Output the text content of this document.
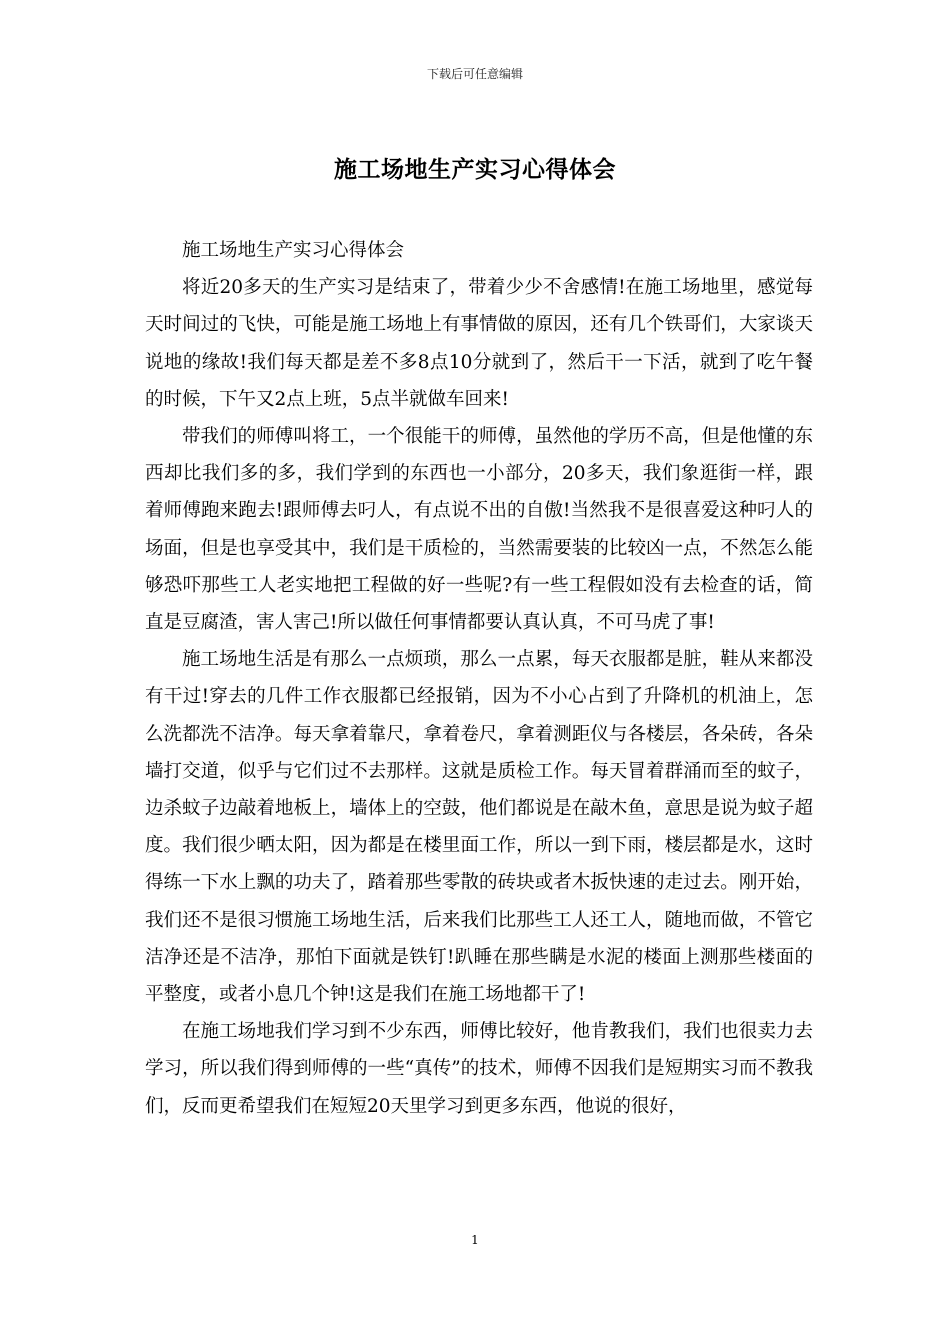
下载后可任意编辑
施工场地生产实习心得体会

施工场地生产实习心得体会

将近20多天的生产实习是结束了，带着少少不舍感情!在施工场地里，感觉每天时间过的飞快，可能是施工场地上有事情做的原因，还有几个铁哥们，大家谈天说地的缘故!我们每天都是差不多8点10分就到了，然后干一下活，就到了吃午餐的时候，下午又2点上班，5点半就做车回来!

带我们的师傅叫将工，一个很能干的师傅，虽然他的学历不高，但是他懂的东西却比我们多的多，我们学到的东西也一小部分，20多天，我们象逛街一样，跟着师傅跑来跑去!跟师傅去叼人，有点说不出的自傲!当然我不是很喜爱这种叼人的场面，但是也享受其中，我们是干质检的，当然需要装的比较凶一点，不然怎么能够恐吓那些工人老实地把工程做的好一些呢?有一些工程假如没有去检查的话，简直是豆腐渣，害人害己!所以做任何事情都要认真认真，不可马虎了事!

施工场地生活是有那么一点烦琐，那么一点累，每天衣服都是脏，鞋从来都没有干过!穿去的几件工作衣服都已经报销，因为不小心占到了升降机的机油上，怎么洗都洗不洁净。每天拿着靠尺，拿着卷尺，拿着测距仪与各楼层，各朵砖，各朵墙打交道，似乎与它们过不去那样。这就是质检工作。每天冒着群涌而至的蚊子，边杀蚊子边敲着地板上，墙体上的空鼓，他们都说是在敲木鱼，意思是说为蚊子超度。我们很少晒太阳，因为都是在楼里面工作，所以一到下雨，楼层都是水，这时得练一下水上飘的功夫了，踏着那些零散的砖块或者木扳快速的走过去。刚开始，我们还不是很习惯施工场地生活，后来我们比那些工人还工人，随地而做，不管它洁净还是不洁净，那怕下面就是铁钉!趴睡在那些瞒是水泥的楼面上测那些楼面的平整度，或者小息几个钟!这是我们在施工场地都干了!

在施工场地我们学习到不少东西，师傅比较好，他肯教我们，我们也很卖力去学习，所以我们得到师傅的一些“真传”的技术，师傅不因我们是短期实习而不教我们，反而更希望我们在短短20天里学习到更多东西，他说的很好，

1
